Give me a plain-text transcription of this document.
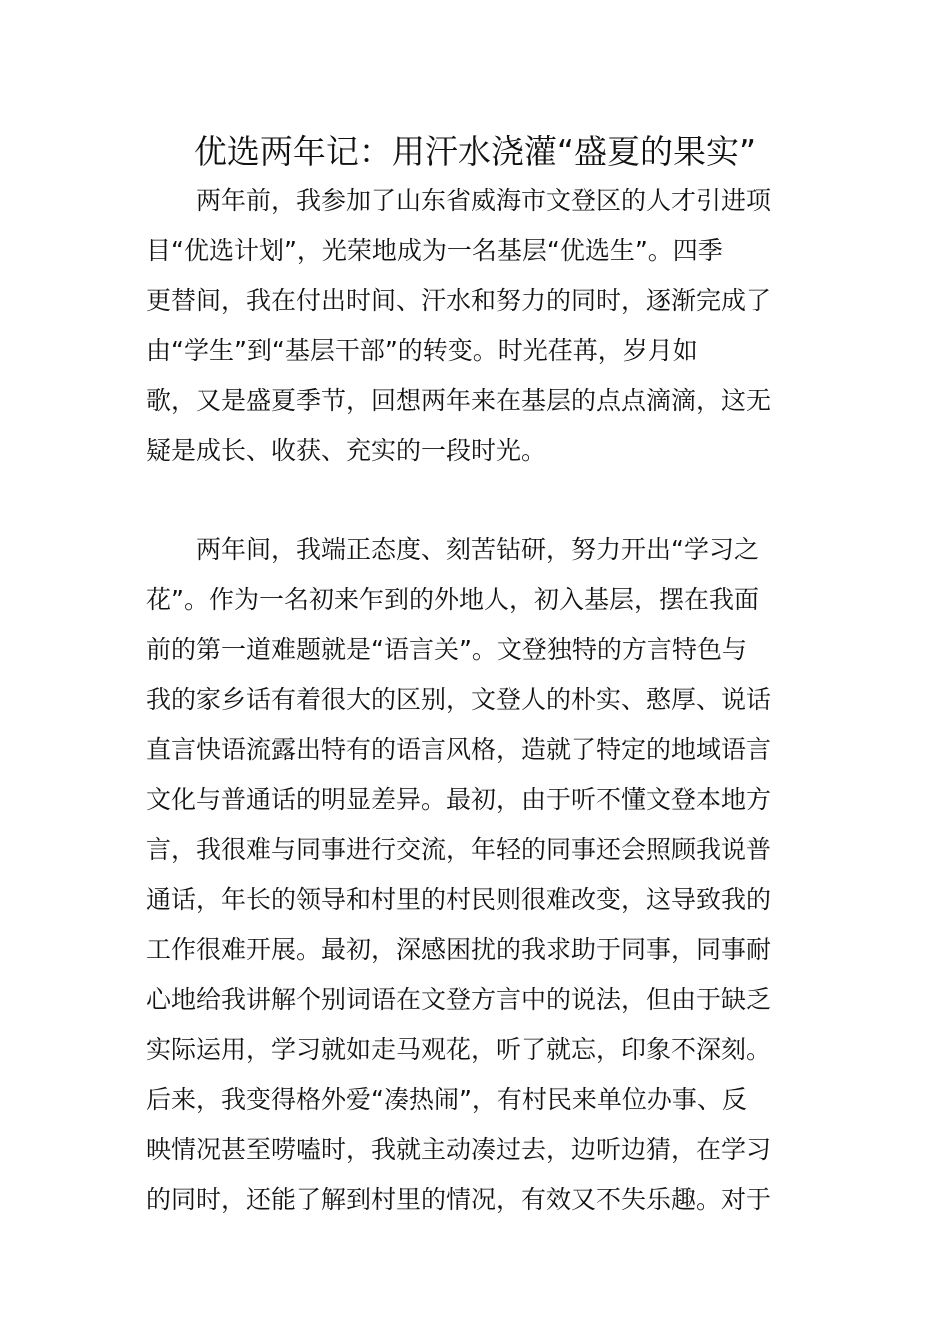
优选两年记：用汗水浇灌“盛夏的果实”
两年前，我参加了山东省威海市文登区的人才引进项
目“优选计划”，光荣地成为一名基层“优选生”。四季
更替间，我在付出时间、汗水和努力的同时，逐渐完成了
由“学生”到“基层干部”的转变。时光荏苒，岁月如
歌，又是盛夏季节，回想两年来在基层的点点滴滴，这无
疑是成长、收获、充实的一段时光。
两年间，我端正态度、刻苦钻研，努力开出“学习之
花”。作为一名初来乍到的外地人，初入基层，摆在我面
前的第一道难题就是“语言关”。文登独特的方言特色与
我的家乡话有着很大的区别，文登人的朴实、憨厚、说话
直言快语流露出特有的语言风格，造就了特定的地域语言
文化与普通话的明显差异。最初，由于听不懂文登本地方
言，我很难与同事进行交流，年轻的同事还会照顾我说普
通话，年长的领导和村里的村民则很难改变，这导致我的
工作很难开展。最初，深感困扰的我求助于同事，同事耐
心地给我讲解个别词语在文登方言中的说法，但由于缺乏
实际运用，学习就如走马观花，听了就忘，印象不深刻。
后来，我变得格外爱“凑热闹”，有村民来单位办事、反
映情况甚至唠嗑时，我就主动凑过去，边听边猜，在学习
的同时，还能了解到村里的情况，有效又不失乐趣。对于
